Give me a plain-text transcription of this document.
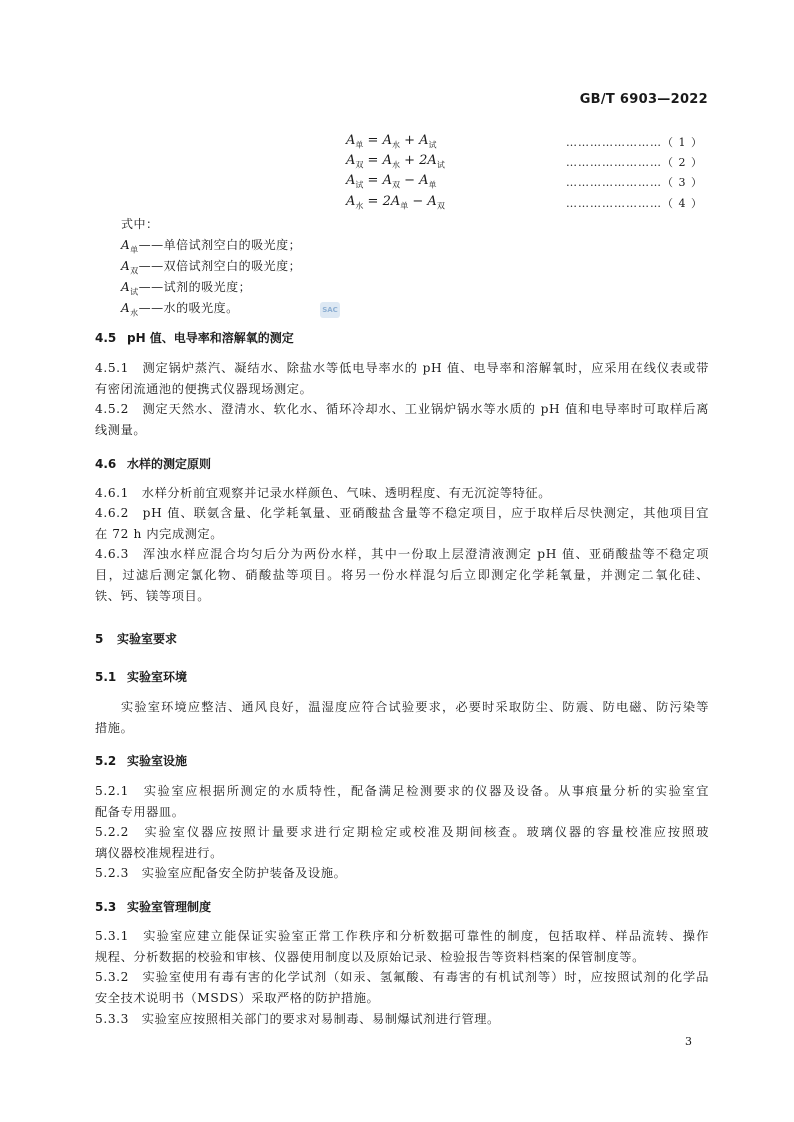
GB/T 6903—2022
$A_单 = A_水 + A_试$	……………………（ 1 ）
$A_双 = A_水 + 2A_试$	……………………（ 2 ）
$A_试 = A_双 - A_单$	……………………（ 3 ）
$A_水 = 2A_单 - A_双$	……………………（ 4 ）
式中：
$A_单——$单倍试剂空白的吸光度；
$A_双——$双倍试剂空白的吸光度；
$A_试——$试剂的吸光度；
$A_水——$水的吸光度。	SAC
4.5 pH 值、电导率和溶解氧的测定
4.5.1　测定锅炉蒸汽、凝结水、除盐水等低电导率水的 pH 值、电导率和溶解氧时，应采用在线仪表或带
有密闭流通池的便携式仪器现场测定。
4.5.2　测定天然水、澄清水、软化水、循环冷却水、工业锅炉锅水等水质的 pH 值和电导率时可取样后离
线测量。
4.6 水样的测定原则
4.6.1　水样分析前宜观察并记录水样颜色、气味、透明程度、有无沉淀等特征。
4.6.2　pH 值、联氨含量、化学耗氧量、亚硝酸盐含量等不稳定项目，应于取样后尽快测定，其他项目宜
在 72 h 内完成测定。
4.6.3　浑浊水样应混合均匀后分为两份水样，其中一份取上层澄清液测定 pH 值、亚硝酸盐等不稳定项
目，过滤后测定氯化物、硝酸盐等项目。将另一份水样混匀后立即测定化学耗氧量，并测定二氧化硅、
铁、钙、镁等项目。
5 实验室要求
5.1 实验室环境
实验室环境应整洁、通风良好，温湿度应符合试验要求，必要时采取防尘、防震、防电磁、防污染等
措施。
5.2 实验室设施
5.2.1　实验室应根据所测定的水质特性，配备满足检测要求的仪器及设备。从事痕量分析的实验室宜
配备专用器皿。
5.2.2　实验室仪器应按照计量要求进行定期检定或校准及期间核查。玻璃仪器的容量校准应按照玻
璃仪器校准规程进行。
5.2.3　实验室应配备安全防护装备及设施。
5.3 实验室管理制度
5.3.1　实验室应建立能保证实验室正常工作秩序和分析数据可靠性的制度，包括取样、样品流转、操作
规程、分析数据的校验和审核、仪器使用制度以及原始记录、检验报告等资料档案的保管制度等。
5.3.2　实验室使用有毒有害的化学试剂（如汞、氢氟酸、有毒害的有机试剂等）时，应按照试剂的化学品
安全技术说明书（MSDS）采取严格的防护措施。
5.3.3　实验室应按照相关部门的要求对易制毒、易制爆试剂进行管理。
3
